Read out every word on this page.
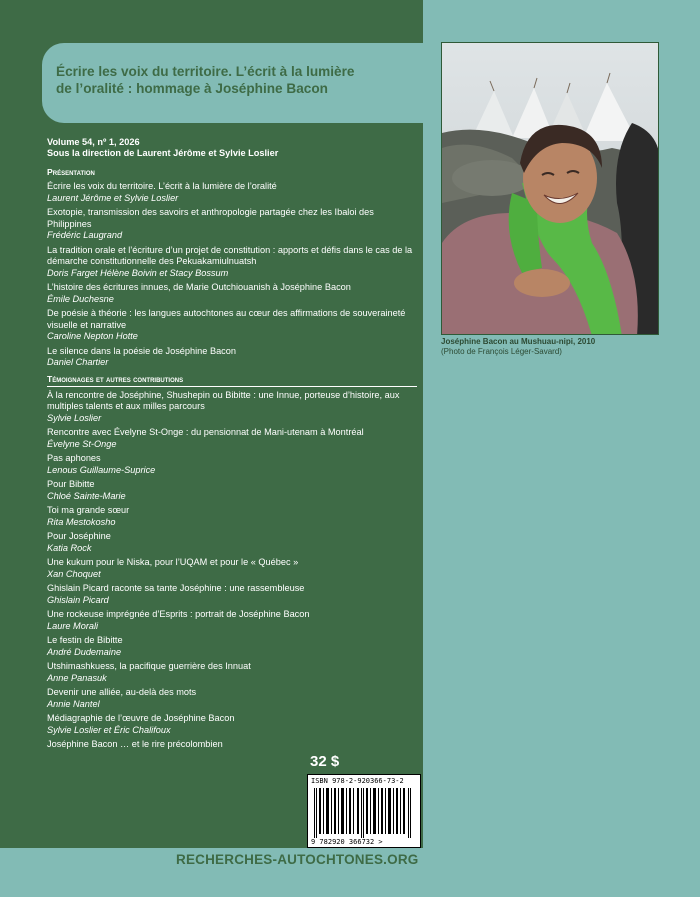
Écrire les voix du territoire. L’écrit à la lumière
de l’oralité : hommage à Joséphine Bacon
Joséphine Bacon au Mushuau-nipi, 2010
(Photo de François Léger-Savard)
Volume 54, nº 1, 2026
Sous la direction de Laurent Jérôme et Sylvie Loslier
Présentation
Écrire les voix du territoire. L’écrit à la lumière de l’oralité
Laurent Jérôme et Sylvie Loslier
Exotopie, transmission des savoirs et anthropologie partagée chez les Ibaloi des Philippines
Frédéric Laugrand
La tradition orale et l’écriture d’un projet de constitution : apports et défis dans le cas de la démarche constitutionnelle des Pekuakamiulnuatsh
Doris Farget Hélène Boivin et Stacy Bossum
L’histoire des écritures innues, de Marie Outchiouanish à Joséphine Bacon
Émile Duchesne
De poésie à théorie : les langues autochtones au cœur des affirmations de souveraineté visuelle et narrative
Caroline Nepton Hotte
Le silence dans la poésie de Joséphine Bacon
Daniel Chartier
Témoignages et autres contributions
À la rencontre de Joséphine, Shushepin ou Bibitte : une Innue, porteuse d’histoire, aux multiples talents et aux milles parcours
Sylvie Loslier
Rencontre avec Évelyne St-Onge : du pensionnat de Mani-utenam à Montréal
Évelyne St-Onge
Pas aphones
Lenous Guillaume-Suprice
Pour Bibitte
Chloé Sainte-Marie
Toi ma grande sœur
Rita Mestokosho
Pour Joséphine
Katia Rock
Une kukum pour le Niska, pour l’UQAM et pour le « Québec »
Xan Choquet
Ghislain Picard raconte sa tante Joséphine : une rassembleuse
Ghislain Picard
Une rockeuse imprégnée d’Esprits : portrait de Joséphine Bacon
Laure Morali
Le festin de Bibitte
André Dudemaine
Utshimashkuess, la pacifique guerrière des Innuat
Anne Panasuk
Devenir une alliée, au-delà des mots
Annie Nantel
Médiagraphie de l’œuvre de Joséphine Bacon
Sylvie Loslier et Éric Chalifoux
Joséphine Bacon … et le rire précolombien
32 $
ISBN 978-2-920366-73-2
9 782920 366732 >
RECHERCHES-AUTOCHTONES.ORG
